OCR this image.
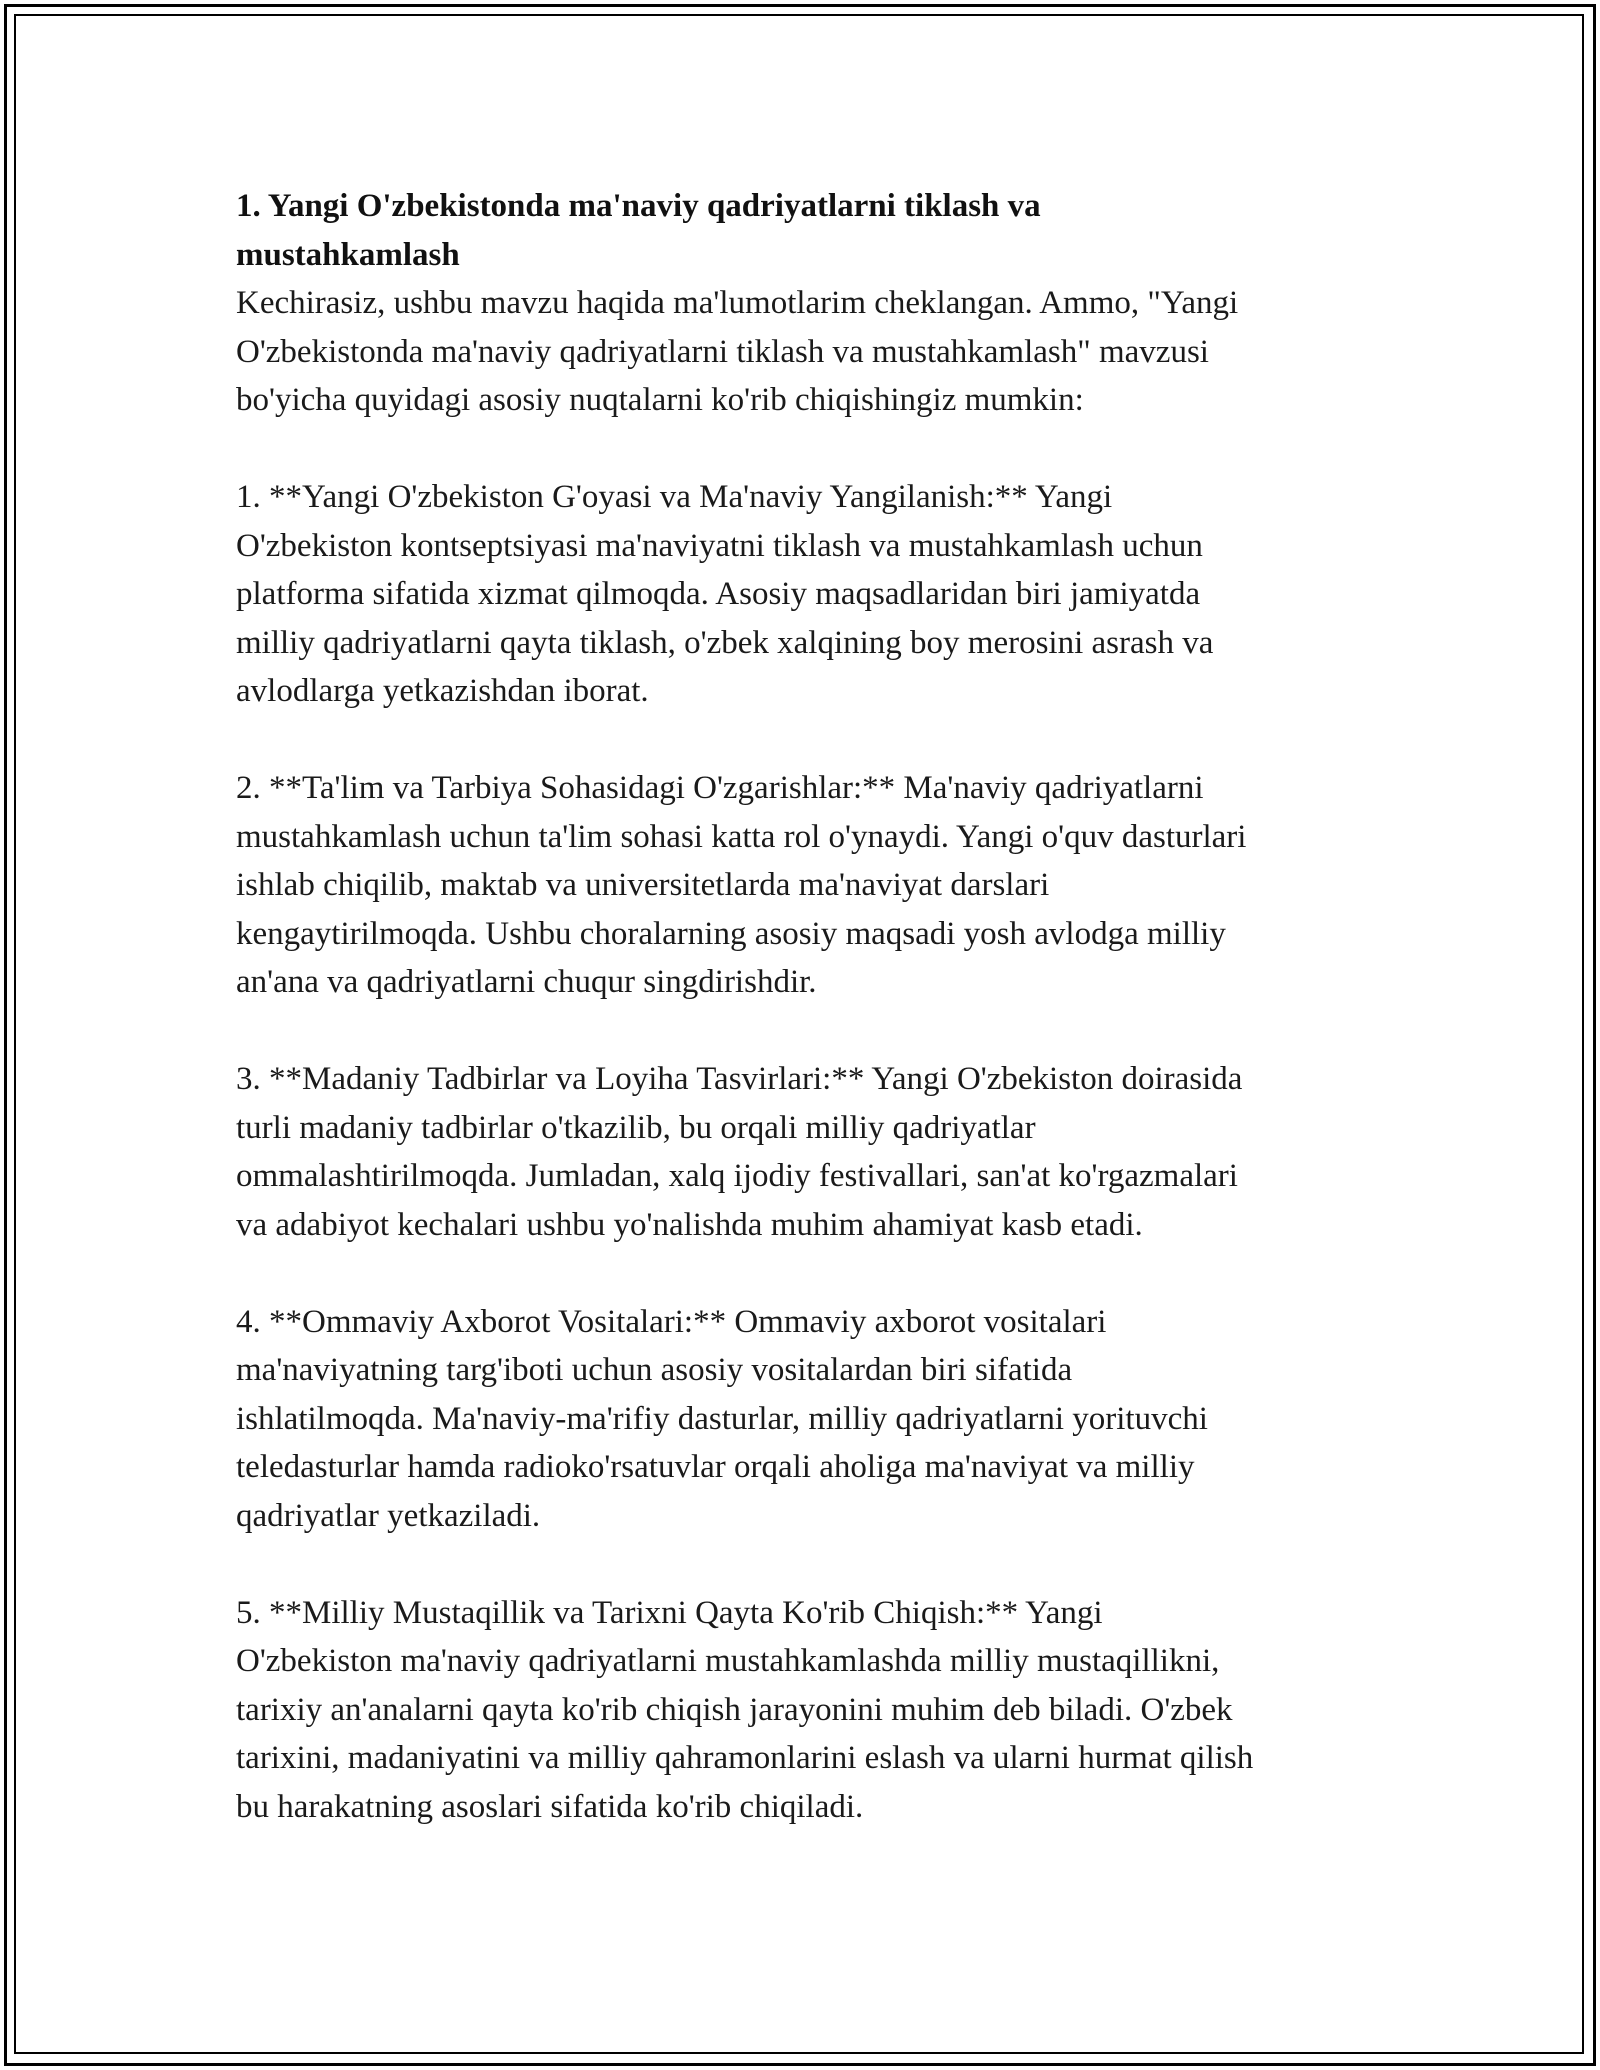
1. Yangi O'zbekistonda ma'naviy qadriyatlarni tiklash va
mustahkamlash

Kechirasiz, ushbu mavzu haqida ma'lumotlarim cheklangan. Ammo, "Yangi
O'zbekistonda ma'naviy qadriyatlarni tiklash va mustahkamlash" mavzusi
bo'yicha quyidagi asosiy nuqtalarni ko'rib chiqishingiz mumkin:

1. **Yangi O'zbekiston G'oyasi va Ma'naviy Yangilanish:** Yangi
O'zbekiston kontseptsiyasi ma'naviyatni tiklash va mustahkamlash uchun
platforma sifatida xizmat qilmoqda. Asosiy maqsadlaridan biri jamiyatda
milliy qadriyatlarni qayta tiklash, o'zbek xalqining boy merosini asrash va
avlodlarga yetkazishdan iborat.

2. **Ta'lim va Tarbiya Sohasidagi O'zgarishlar:** Ma'naviy qadriyatlarni
mustahkamlash uchun ta'lim sohasi katta rol o'ynaydi. Yangi o'quv dasturlari
ishlab chiqilib, maktab va universitetlarda ma'naviyat darslari
kengaytirilmoqda. Ushbu choralarning asosiy maqsadi yosh avlodga milliy
an'ana va qadriyatlarni chuqur singdirishdir.

3. **Madaniy Tadbirlar va Loyiha Tasvirlari:** Yangi O'zbekiston doirasida
turli madaniy tadbirlar o'tkazilib, bu orqali milliy qadriyatlar
ommalashtirilmoqda. Jumladan, xalq ijodiy festivallari, san'at ko'rgazmalari
va adabiyot kechalari ushbu yo'nalishda muhim ahamiyat kasb etadi.

4. **Ommaviy Axborot Vositalari:** Ommaviy axborot vositalari
ma'naviyatning targ'iboti uchun asosiy vositalardan biri sifatida
ishlatilmoqda. Ma'naviy-ma'rifiy dasturlar, milliy qadriyatlarni yorituvchi
teledasturlar hamda radioko'rsatuvlar orqali aholiga ma'naviyat va milliy
qadriyatlar yetkaziladi.

5. **Milliy Mustaqillik va Tarixni Qayta Ko'rib Chiqish:** Yangi
O'zbekiston ma'naviy qadriyatlarni mustahkamlashda milliy mustaqillikni,
tarixiy an'analarni qayta ko'rib chiqish jarayonini muhim deb biladi. O'zbek
tarixini, madaniyatini va milliy qahramonlarini eslash va ularni hurmat qilish
bu harakatning asoslari sifatida ko'rib chiqiladi.
